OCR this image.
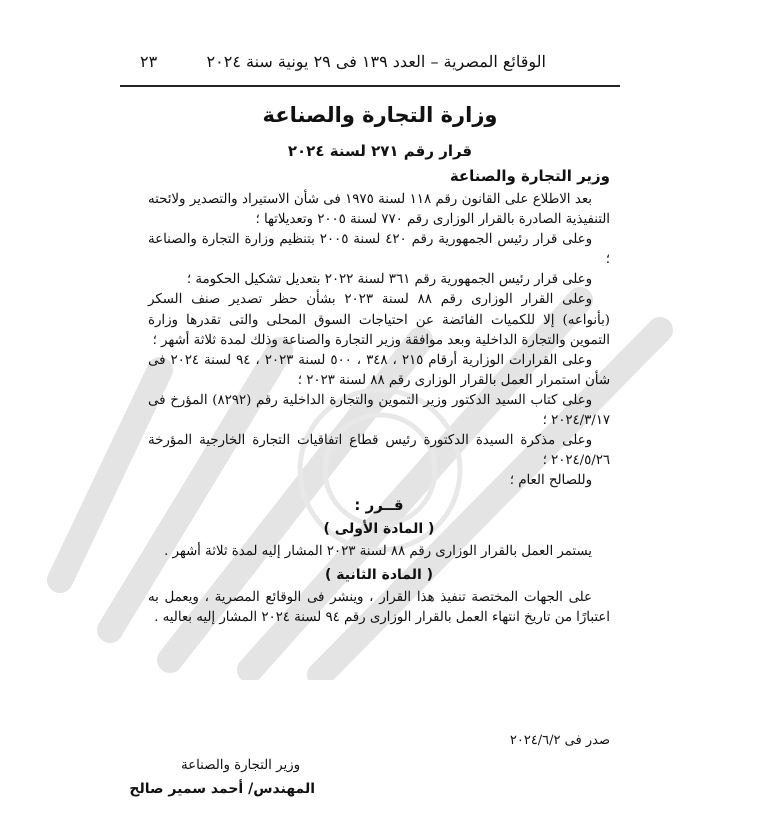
الوقائع المصرية – العدد ١٣٩ فى ٢٩ يونية سنة ٢٠٢٤
٢٣
وزارة التجارة والصناعة
قرار رقم ٢٧١ لسنة ٢٠٢٤
وزير التجارة والصناعة

بعد الاطلاع على القانون رقم ١١٨ لسنة ١٩٧٥ فى شأن الاستيراد والتصدير ولائحته التنفيذية الصادرة بالقرار الوزارى رقم ٧٧٠ لسنة ٢٠٠٥ وتعديلاتها ؛

وعلى قرار رئيس الجمهورية رقم ٤٢٠ لسنة ٢٠٠٥ بتنظيم وزارة التجارة والصناعة ؛

وعلى قرار رئيس الجمهورية رقم ٣٦١ لسنة ٢٠٢٢ بتعديل تشكيل الحكومة ؛

وعلى القرار الوزارى رقم ٨٨ لسنة ٢٠٢٣ بشأن حظر تصدير صنف السكر (بأنواعه) إلا للكميات الفائضة عن احتياجات السوق المحلى والتى تقدرها وزارة التموين والتجارة الداخلية وبعد موافقة وزير التجارة والصناعة وذلك لمدة ثلاثة أشهر ؛

وعلى القرارات الوزارية أرقام ٢١٥ ، ٣٤٨ ، ٥٠٠ لسنة ٢٠٢٣ ، ٩٤ لسنة ٢٠٢٤ فى شأن استمرار العمل بالقرار الوزارى رقم ٨٨ لسنة ٢٠٢٣ ؛

وعلى كتاب السيد الدكتور وزير التموين والتجارة الداخلية رقم (٨٢٩٢) المؤرخ فى ٢٠٢٤/٣/١٧ ؛

وعلى مذكرة السيدة الدكتورة رئيس قطاع اتفاقيات التجارة الخارجية المؤرخة ٢٠٢٤/٥/٢٦ ؛

وللصالح العام ؛

قــرر :

( المادة الأولى )

يستمر العمل بالقرار الوزارى رقم ٨٨ لسنة ٢٠٢٣ المشار إليه لمدة ثلاثة أشهر .

( المادة الثانية )

على الجهات المختصة تنفيذ هذا القرار ، وينشر فى الوقائع المصرية ، ويعمل به اعتبارًا من تاريخ انتهاء العمل بالقرار الوزارى رقم ٩٤ لسنة ٢٠٢٤ المشار إليه بعاليه .

صدر فى ٢٠٢٤/٦/٢
وزير التجارة والصناعة
المهندس/ أحمد سمير صالح
